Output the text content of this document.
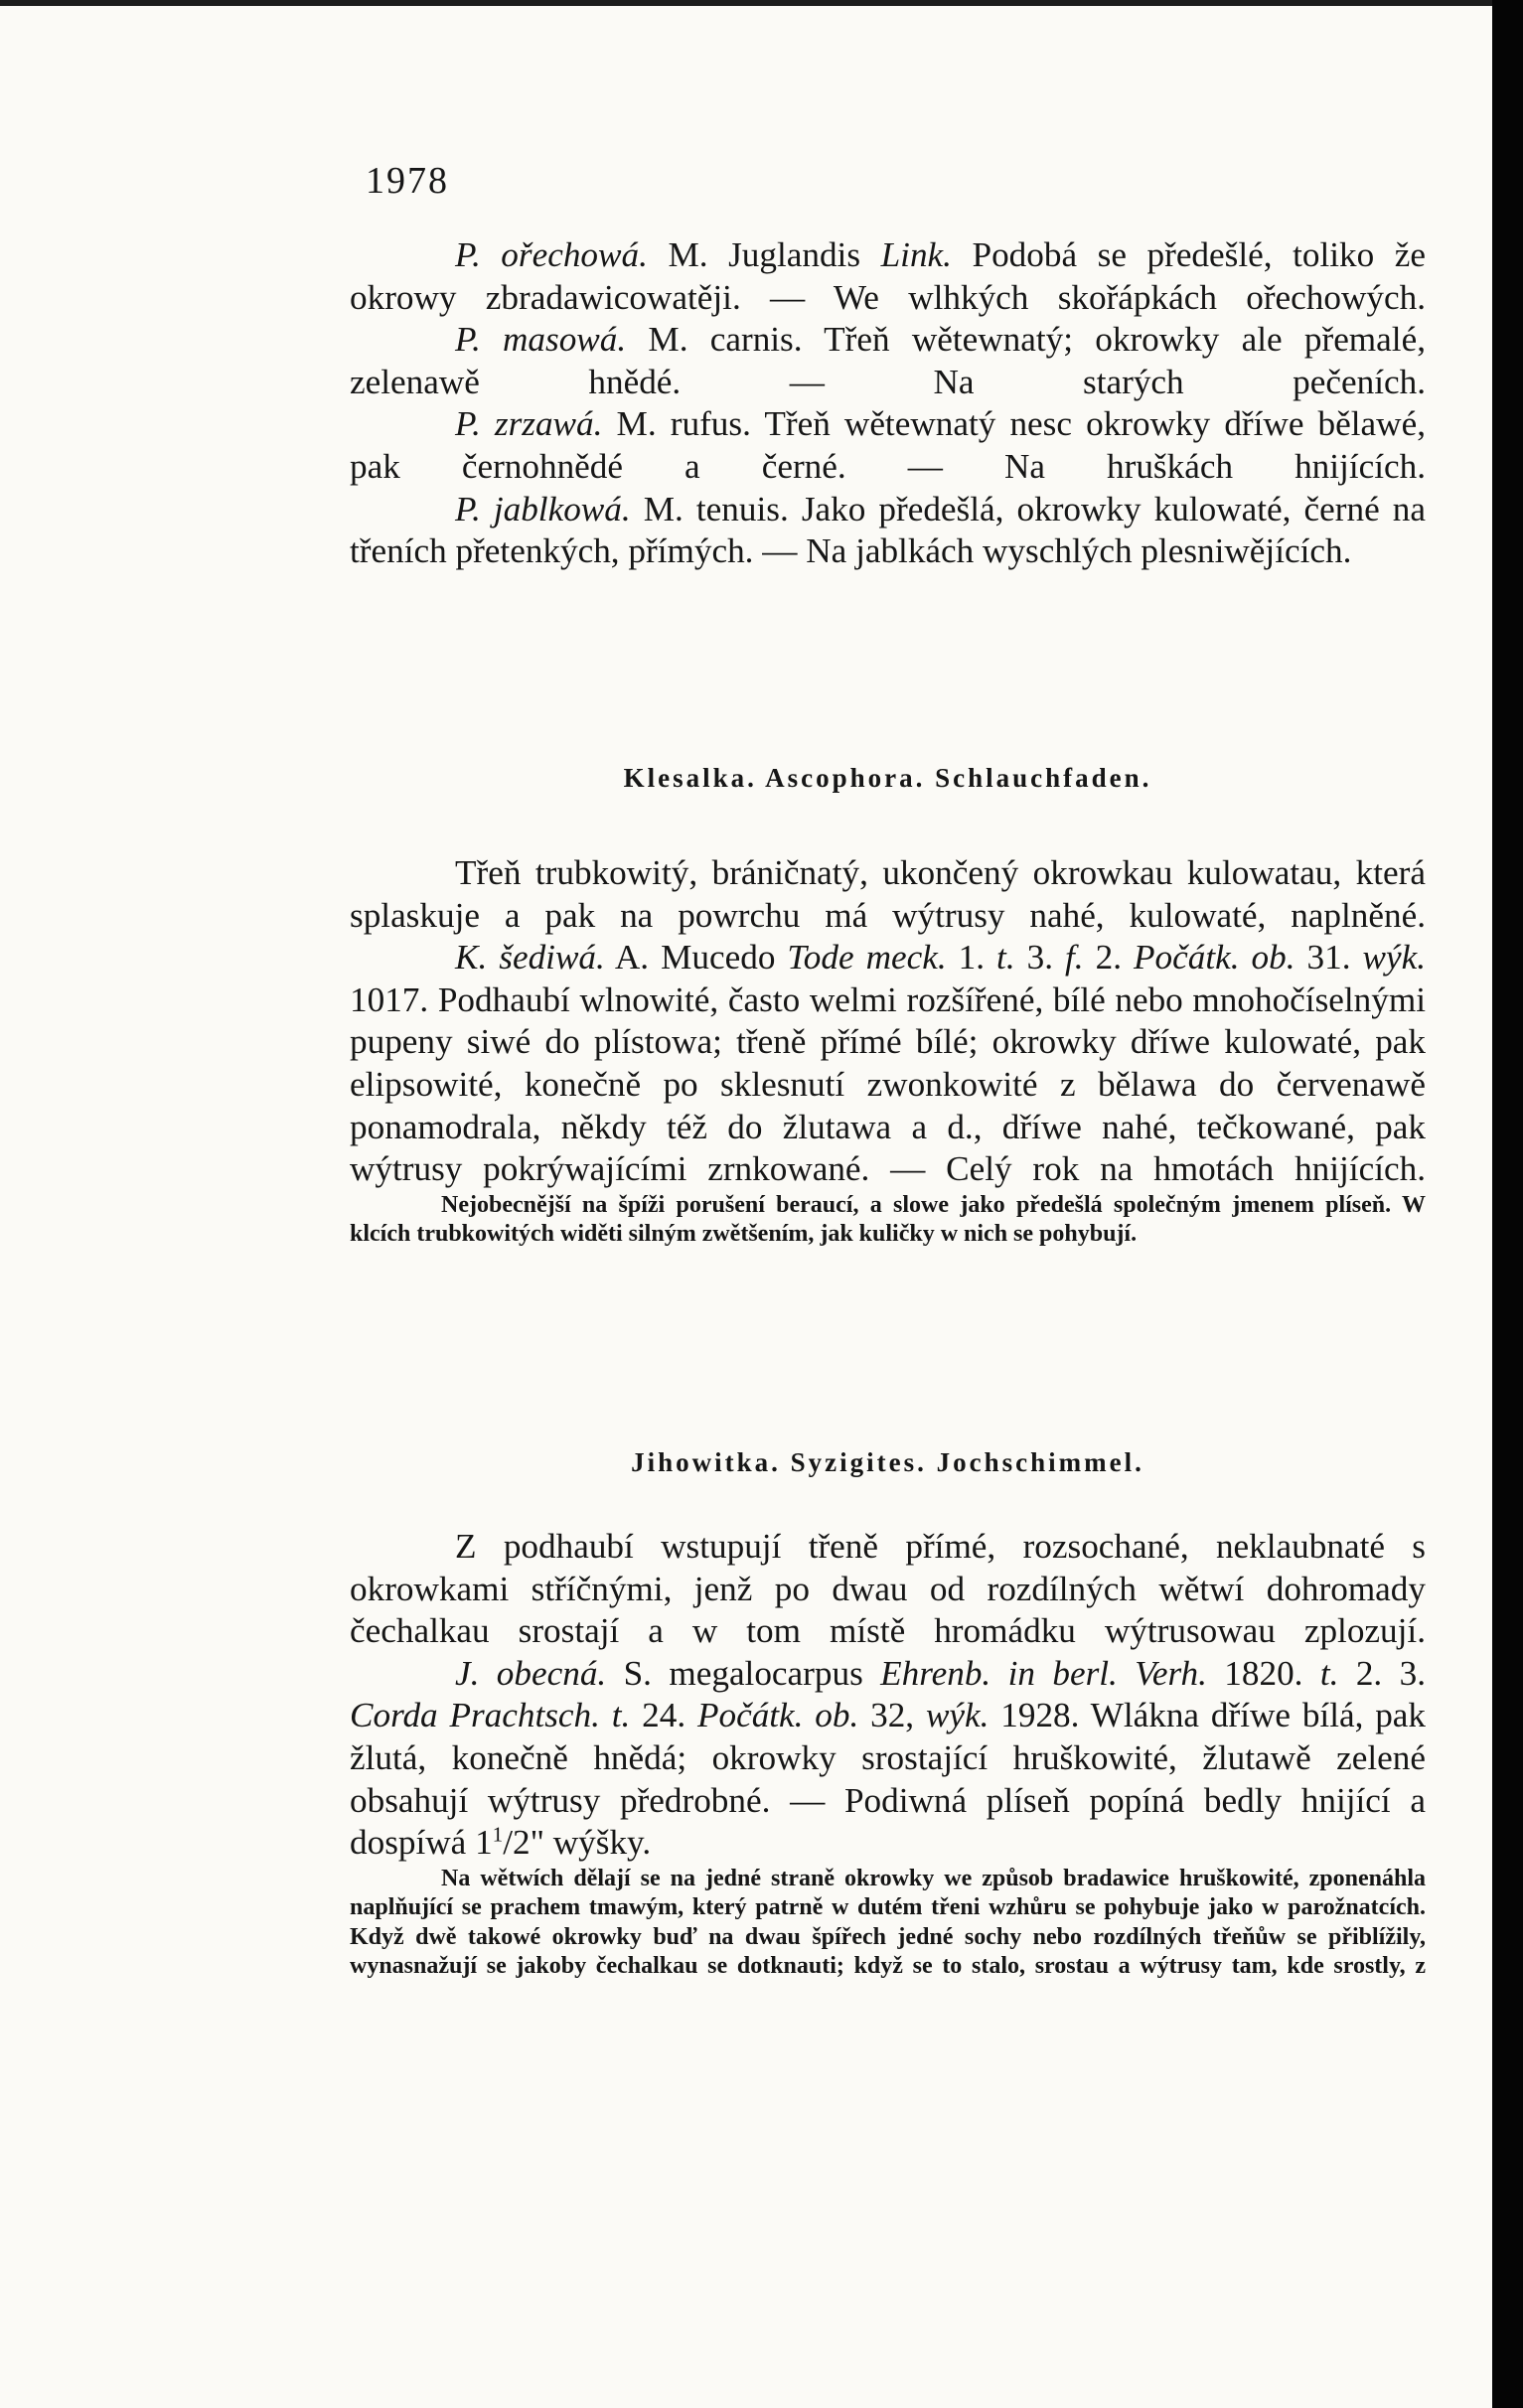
1978

P. ořechowá. M. Juglandis Link. Podobá se předešlé, toliko že okrowy zbradawicowatěji. — We wlhkých skořápkách ořechowých.

P. masowá. M. carnis. Třeň wětewnatý; okrowky ale přemalé, zelenawě hnědé. — Na starých pečeních.

P. zrzawá. M. rufus. Třeň wětewnatý nesc okrowky dříwe bělawé, pak černohnědé a černé. — Na hruškách hnijících.

P. jablkowá. M. tenuis. Jako předešlá, okrowky kulowaté, černé na třeních přetenkých, přímých. — Na jablkách wyschlých plesniwějících.

Klesalka. Ascophora. Schlauchfaden.

Třeň trubkowitý, bráničnatý, ukončený okrowkau kulowatau, která splaskuje a pak na powrchu má wýtrusy nahé, kulowaté, naplněné.

K. šediwá. A. Mucedo Tode meck. 1. t. 3. f. 2. Počátk. ob. 31. wýk. 1017. Podhaubí wlnowité, často welmi rozšířené, bílé nebo mnohočíselnými pupeny siwé do plístowa; třeně přímé bílé; okrowky dříwe kulowaté, pak elipsowité, konečně po sklesnutí zwonkowité z bělawa do červenawě ponamodrala, někdy též do žlutawa a d., dříwe nahé, tečkowané, pak wýtrusy pokrýwajícími zrnkowané. — Celý rok na hmotách hnijících.

Nejobecnější na špíži porušení beraucí, a slowe jako předešlá společným jmenem plíseň. W klcích trubkowitých widěti silným zwětšením, jak kuličky w nich se pohybují.

Jihowitka. Syzigites. Jochschimmel.

Z podhaubí wstupují třeně přímé, rozsochané, neklaubnaté s okrowkami stříčnými, jenž po dwau od rozdílných wětwí dohromady čechalkau srostají a w tom místě hromádku wýtrusowau zplozují.

J. obecná. S. megalocarpus Ehrenb. in berl. Verh. 1820. t. 2. 3. Corda Prachtsch. t. 24. Počátk. ob. 32, wýk. 1928. Wlákna dříwe bílá, pak žlutá, konečně hnědá; okrowky srostající hruškowité, žlutawě zelené obsahují wýtrusy předrobné. — Podiwná plíseň popíná bedly hnijící a dospíwá $1^1/2$" wýšky.

Na wětwích dělají se na jedné straně okrowky we způsob bradawice hruškowité, zponenáhla naplňující se prachem tmawým, který patrně w dutém třeni wzhůru se pohybuje jako w parožnatcích. Když dwě takowé okrowky buď na dwau špířech jedné sochy nebo rozdílných třeňůw se přiblížily, wynasnažují se jakoby čechalkau se dotknauti; když se to stalo, srostau a wýtrusy tam, kde srostly, z
